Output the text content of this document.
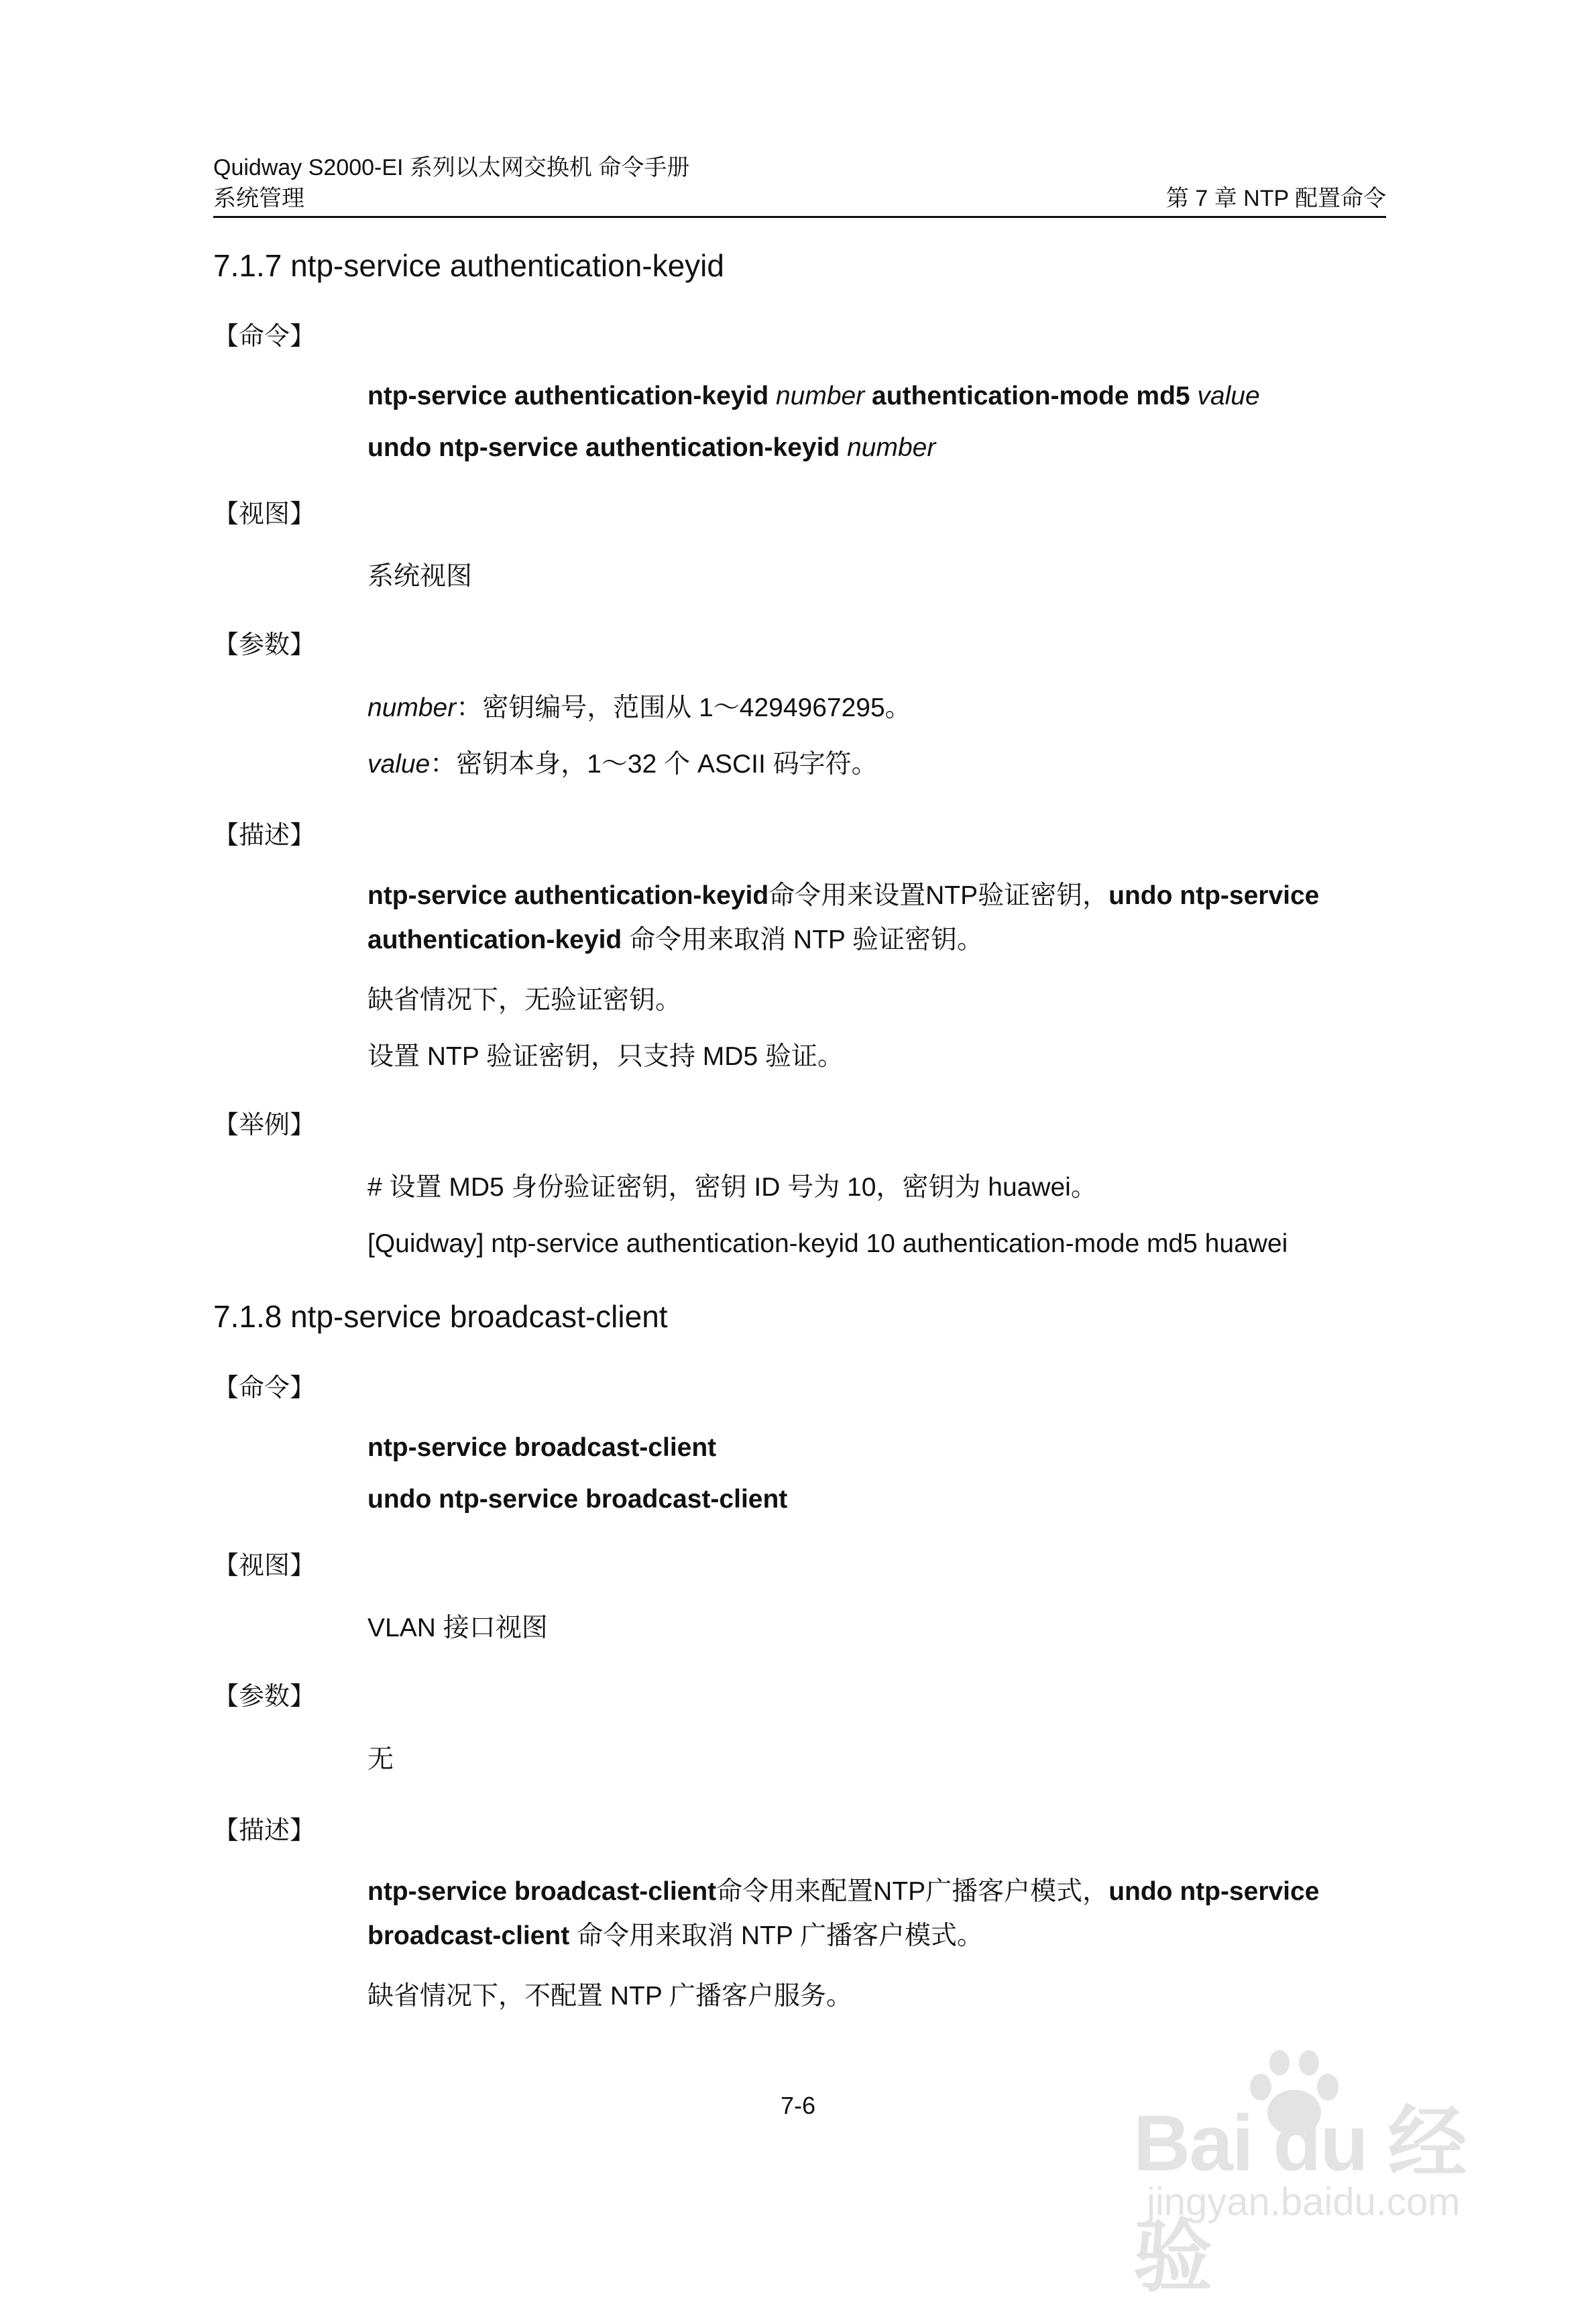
Quidway S2000-EI 系列以太网交换机 命令手册
系统管理	第 7 章 NTP 配置命令
7.1.7 ntp-service authentication-keyid
【命令】
ntp-service authentication-keyid number authentication-mode md5 value
undo ntp-service authentication-keyid number
【视图】
系统视图
【参数】
number：密钥编号，范围从 1～4294967295。
value：密钥本身，1～32 个 ASCII 码字符。
【描述】
ntp-service authentication-keyid命令用来设置NTP验证密钥，undo ntp-service authentication-keyid 命令用来取消 NTP 验证密钥。
缺省情况下，无验证密钥。
设置 NTP 验证密钥，只支持 MD5 验证。
【举例】
# 设置 MD5 身份验证密钥，密钥 ID 号为 10，密钥为 huawei。
[Quidway] ntp-service authentication-keyid 10 authentication-mode md5 huawei
7.1.8 ntp-service broadcast-client
【命令】
ntp-service broadcast-client
undo ntp-service broadcast-client
【视图】
VLAN 接口视图
【参数】
无
【描述】
ntp-service broadcast-client命令用来配置NTP广播客户模式，undo ntp-service broadcast-client 命令用来取消 NTP 广播客户模式。
缺省情况下，不配置 NTP 广播客户服务。
7-6	Bai du 经验
jingyan.baidu.com
